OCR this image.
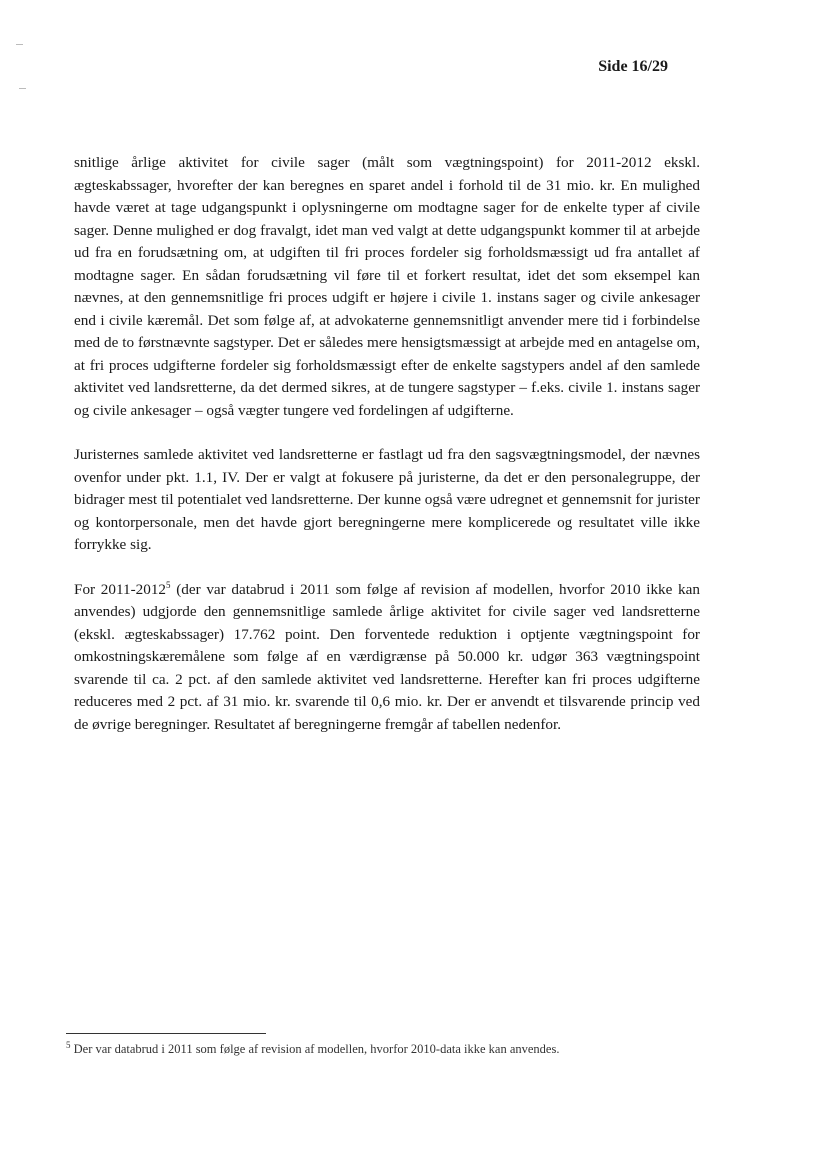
Side 16/29

snitlige årlige aktivitet for civile sager (målt som vægtningspoint) for 2011-2012 ekskl. ægteskabssager, hvorefter der kan beregnes en sparet andel i forhold til de 31 mio. kr. En mulighed havde været at tage udgangspunkt i oplysningerne om modtagne sager for de enkelte typer af civile sager. Denne mulighed er dog fravalgt, idet man ved valgt at dette udgangspunkt kommer til at arbejde ud fra en forudsætning om, at udgiften til fri proces fordeler sig forholdsmæssigt ud fra antallet af modtagne sager. En sådan forudsætning vil føre til et forkert resultat, idet det som eksempel kan nævnes, at den gennemsnitlige fri proces udgift er højere i civile 1. instans sager og civile ankesager end i civile kæremål. Det som følge af, at advokaterne gennemsnitligt anvender mere tid i forbindelse med de to førstnævnte sagstyper. Det er således mere hensigtsmæssigt at arbejde med en antagelse om, at fri proces udgifterne fordeler sig forholdsmæssigt efter de enkelte sagstypers andel af den samlede aktivitet ved landsretterne, da det dermed sikres, at de tungere sagstyper – f.eks. civile 1. instans sager og civile ankesager – også vægter tungere ved fordelingen af udgifterne.

Juristernes samlede aktivitet ved landsretterne er fastlagt ud fra den sagsvægtningsmodel, der nævnes ovenfor under pkt. 1.1, IV. Der er valgt at fokusere på juristerne, da det er den personalegruppe, der bidrager mest til potentialet ved landsretterne. Der kunne også være udregnet et gennemsnit for jurister og kontorpersonale, men det havde gjort beregningerne mere komplicerede og resultatet ville ikke forrykke sig.

For 2011-2012$^5$ (der var databrud i 2011 som følge af revision af modellen, hvorfor 2010 ikke kan anvendes) udgjorde den gennemsnitlige samlede årlige aktivitet for civile sager ved landsretterne (ekskl. ægteskabssager) 17.762 point. Den forventede reduktion i optjente vægtningspoint for omkostningskæremålene som følge af en værdigrænse på 50.000 kr. udgør 363 vægtningspoint svarende til ca. 2 pct. af den samlede aktivitet ved landsretterne. Herefter kan fri proces udgifterne reduceres med 2 pct. af 31 mio. kr. svarende til 0,6 mio. kr. Der er anvendt et tilsvarende princip ved de øvrige beregninger. Resultatet af beregningerne fremgår af tabellen nedenfor.

$^5$ Der var databrud i 2011 som følge af revision af modellen, hvorfor 2010-data ikke kan anvendes.
